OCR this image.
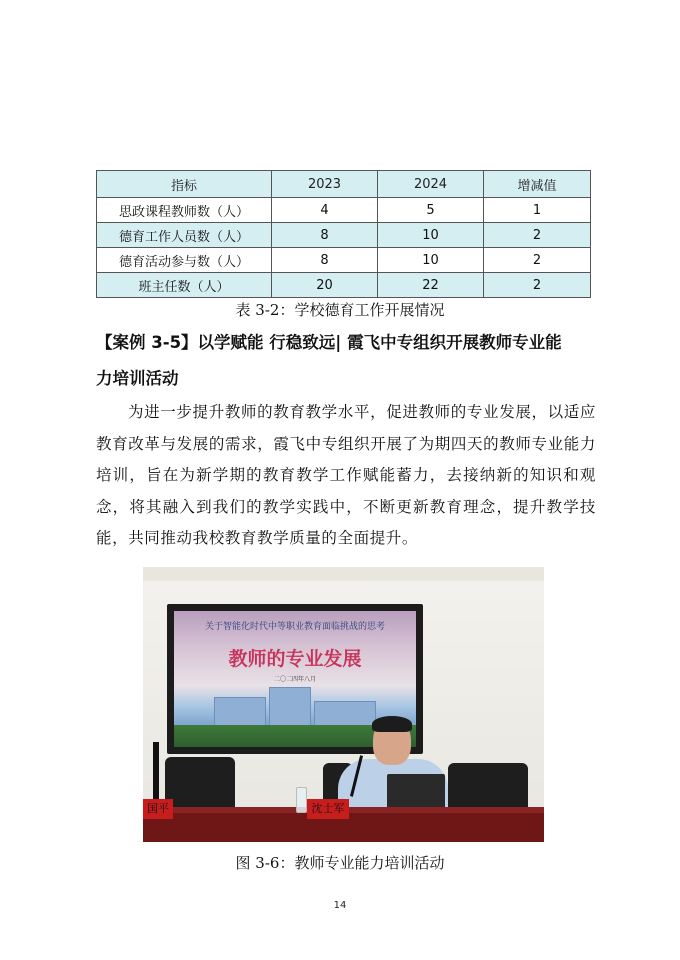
指标	2023	2024	增减值
思政课程教师数（人）	4	5	1
德育工作人员数（人）	8	10	2
德育活动参与数（人）	8	10	2
班主任数（人）	20	22	2
表 3-2：学校德育工作开展情况
【案例 3-5】以学赋能 行稳致远| 霞飞中专组织开展教师专业能
力培训活动
为进一步提升教师的教育教学水平，促进教师的专业发展，以适应教育改革与发展的需求，霞飞中专组织开展了为期四天的教师专业能力培训，旨在为新学期的教育教学工作赋能蓄力，去接纳新的知识和观念，将其融入到我们的教学实践中，不断更新教育理念，提升教学技能，共同推动我校教育教学质量的全面提升。
关于智能化时代中等职业教育面临挑战的思考
教师的专业发展
二〇二四年八月
国平	沈士军
图 3-6：教师专业能力培训活动
14
